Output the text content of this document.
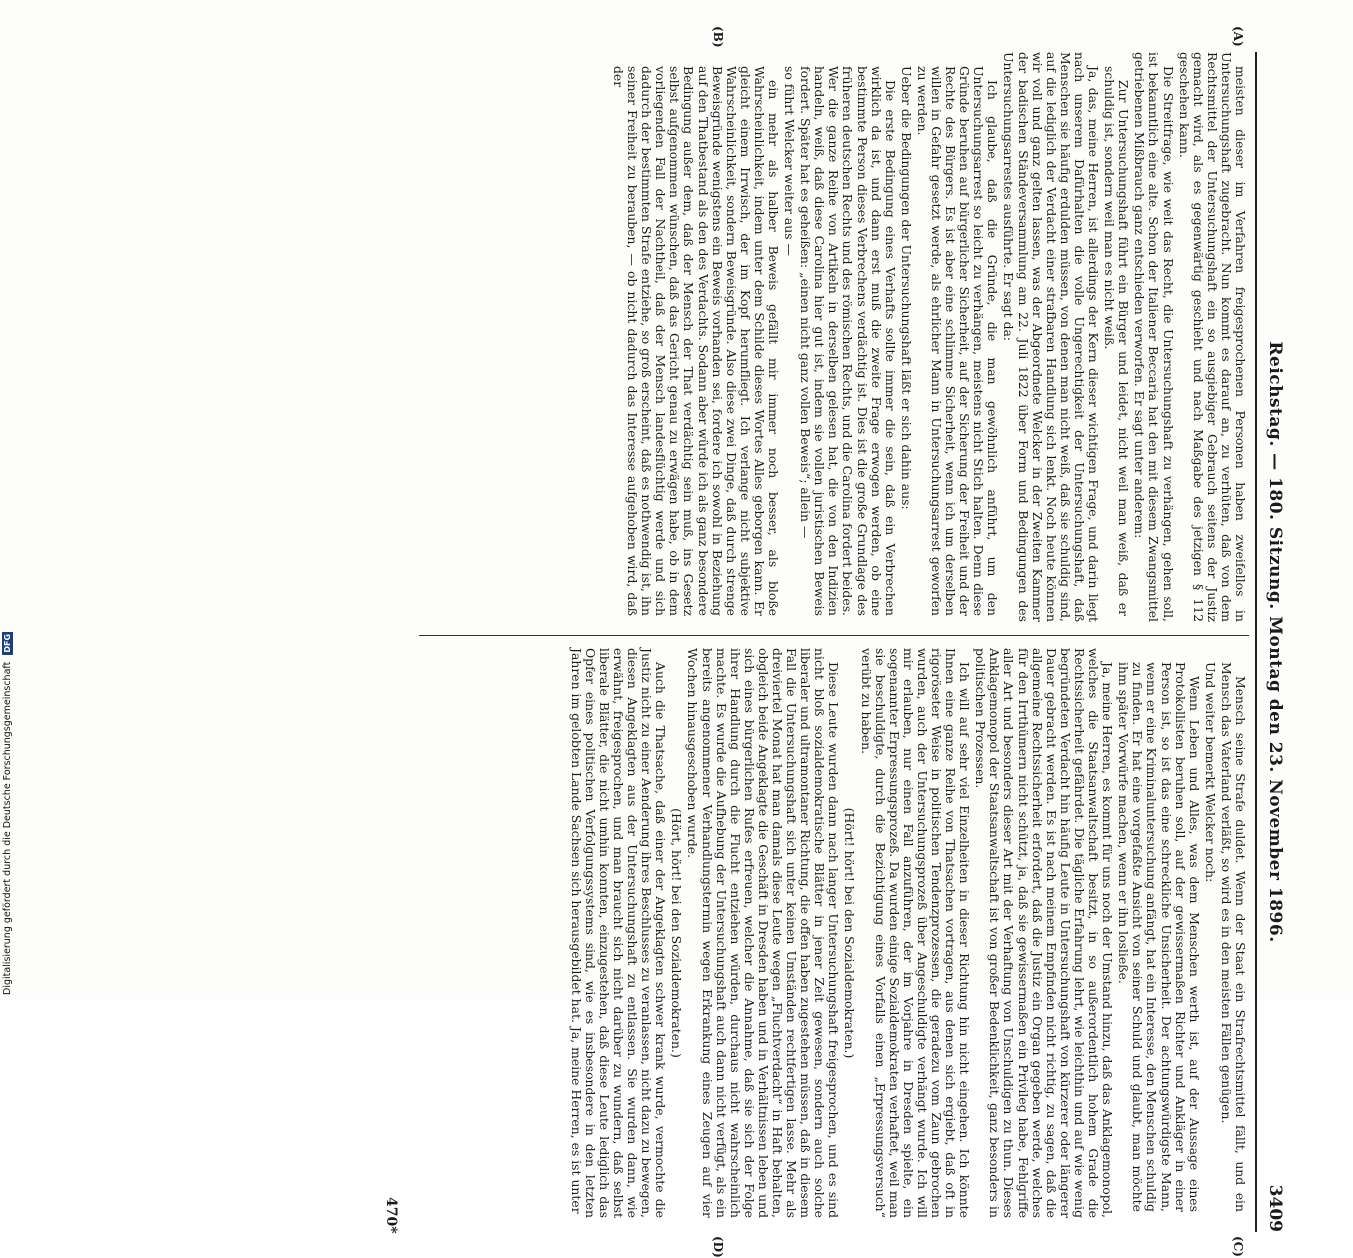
Reichstag. — 180. Sitzung. Montag den 23. November 1896.
3409
(A)
(B)
(C)
(D)

meisten dieser im Verfahren freigesprochenen Personen haben zweifellos in Untersuchungshaft zugebracht. Nun kommt es darauf an, zu verhüten, daß von dem Rechtsmittel der Untersuchungshaft ein so ausgiebiger Gebrauch seitens der Justiz gemacht wird, als es gegenwärtig geschieht und nach Maßgabe des jetzigen § 112 geschehen kann.

Die Streitfrage, wie weit das Recht, die Untersuchungshaft zu verhängen, gehen soll, ist bekanntlich eine alte. Schon der Italiener Beccaria hat den mit diesem Zwangsmittel getriebenen Mißbrauch ganz entschieden verworfen. Er sagt unter anderem:

Zur Untersuchungshaft führt ein Bürger und leidet, nicht weil man weiß, daß er schuldig ist, sondern weil man es nicht weiß.

Ja, das, meine Herren, ist allerdings der Kern dieser wichtigen Frage, und darin liegt nach unserem Dafürhalten die volle Ungerechtigkeit der Untersuchungshaft, daß Menschen sie häufig erdulden müssen, von denen man nicht weiß, daß sie schuldig sind, auf die lediglich der Verdacht einer strafbaren Handlung sich lenkt. Noch heute können wir voll und ganz gelten lassen, was der Abgeordnete Welcker in der Zweiten Kammer der badischen Ständeversammlung am 22. Juli 1822 über Form und Bedingungen des Untersuchungsarrestes ausführte. Er sagt da:

Ich glaube, daß die Gründe, die man gewöhnlich anführt, um den Untersuchungsarrest so leicht zu verhängen, meistens nicht Stich halten. Denn diese Gründe beruhen auf bürgerlicher Sicherheit, auf der Sicherung der Freiheit und der Rechte des Bürgers. Es ist aber eine schlimme Sicherheit, wenn ich um derselben willen in Gefahr gesetzt werde, als ehrlicher Mann in Untersuchungsarrest geworfen zu werden.

Ueber die Bedingungen der Untersuchungshaft läßt er sich dahin aus:

Die erste Bedingung eines Verhafts sollte immer die sein, daß ein Verbrechen wirklich da ist, und dann erst muß die zweite Frage erwogen werden, ob eine bestimmte Person dieses Verbrechens verdächtig ist. Dies ist die große Grundlage des früheren deutschen Rechts und des römischen Rechts, und die Carolina fordert beides. Wer die ganze Reihe von Artikeln in derselben gelesen hat, die von den Indizien handeln, weiß, daß diese Carolina hier gut ist, indem sie vollen juristischen Beweis fordert. Später hat es geheißen: „einen nicht ganz vollen Beweis“; allein —

so führt Welcker weiter aus —

ein mehr als halber Beweis gefällt mir immer noch besser, als bloße Wahrscheinlichkeit, indem unter dem Schilde dieses Wortes Alles geborgen kann. Er gleicht einem Irrwisch, der im Kopf herumfliegt. Ich verlange nicht subjektive Wahrscheinlichkeit, sondern Beweisgründe. Also diese zwei Dinge, daß durch strenge Beweisgründe wenigstens ein Beweis vorhanden sei, fordere ich sowohl in Beziehung auf den Thatbestand als den des Verdachts. Sodann aber würde ich als ganz besondere Bedingung außer dem, daß der Mensch der That verdächtig sein muß, ins Gesetz selbst aufgenommen wünschen, daß das Gericht genau zu erwägen habe, ob in dem vorliegenden Fall der Nachtheil, daß der Mensch landesflüchtig werde und sich dadurch der bestimmten Strafe entziehe, so groß erscheint, daß es nothwendig ist, ihn seiner Freiheit zu berauben, — ob nicht dadurch das Interesse aufgehoben wird, daß der

Mensch seine Strafe duldet. Wenn der Staat ein Strafrechtsmittel fällt, und ein Mensch das Vaterland verläßt, so wird es in den meisten Fällen genügen.

Und weiter bemerkt Welcker noch:

Wenn Leben und Alles, was dem Menschen werth ist, auf der Aussage eines Protokollisten beruhen soll, auf der gewissermaßen Richter und Ankläger in einer Person ist, so ist das eine schreckliche Unsicherheit. Der achtungswürdigste Mann, wenn er eine Kriminaluntersuchung anfängt, hat ein Interesse, den Menschen schuldig zu finden. Er hat eine vorgefaßte Ansicht von seiner Schuld und glaubt, man möchte ihm später Vorwürfe machen, wenn er ihn losließe.

Ja, meine Herren, es kommt für uns noch der Umstand hinzu, daß das Anklagemonopol, welches die Staatsanwaltschaft besitzt, in so außerordentlich hohem Grade die Rechtssicherheit gefährdet. Die tägliche Erfahrung lehrt, wie leichthin und auf wie wenig begründeten Verdacht hin häufig Leute in Untersuchungshaft von kürzerer oder längerer Dauer gebracht werden. Es ist nach meinem Empfinden nicht richtig, zu sagen, daß die allgemeine Rechtssicherheit erfordert, daß die Justiz ein Organ gegeben werde, welches für den Irrthümern nicht schützt, ja, daß sie gewissermaßen ein Privileg habe, Fehlgriffe aller Art und besonders dieser Art mit der Verhaftung von Unschuldigen zu thun. Dieses Anklagemonopol der Staatsanwaltschaft ist von großer Bedenklichkeit, ganz besonders in politischen Prozessen.

Ich will auf sehr viel Einzelheiten in dieser Richtung hin nicht eingehen. Ich könnte Ihnen eine ganze Reihe von Thatsachen vortragen, aus denen sich ergiebt, daß oft in rigoröseter Weise in politischen Tendenzprozessen, die geradezu vom Zaun gebrochen wurden, auch der Untersuchungsprozeß über Angeschuldigte verhängt wurde. Ich will mir erlauben, nur einen Fall anzuführen, der im Vorjahre in Dresden spielte, ein sogenannter Erpressungsprozeß. Da wurden einige Sozialdemokraten verhaftet, weil man sie beschuldigte, durch die Bezichtigung eines Vorfalls einen „Erpressungsversuch“ verübt zu haben.

(Hört! hört! bei den Sozialdemokraten.)

Diese Leute wurden dann nach langer Untersuchungshaft freigesprochen, und es sind nicht bloß sozialdemokratische Blätter in jener Zeit gewesen, sondern auch solche liberaler und ultramontaner Richtung, die offen haben zugestehen müssen, daß in diesem Fall die Untersuchungshaft sich unter keinen Umständen rechtfertigen lasse. Mehr als dreiviertel Monat hat man damals diese Leute wegen „Fluchtverdacht“ in Haft behalten, obgleich beide Angeklagte die Geschäft in Dresden haben und in Verhältnissen leben und sich eines bürgerlichen Rufes erfreuen, welcher die Annahme, daß sie sich der Folge ihrer Handlung durch die Flucht entziehen würden, durchaus nicht wahrscheinlich machte. Es wurde die Aufhebung der Untersuchungshaft auch dann nicht verfügt, als ein bereits angenommener Verhandlungstermin wegen Erkrankung eines Zeugen auf vier Wochen hinausgeschoben wurde.

(Hört, hört! bei den Sozialdemokraten.)

Auch die Thatsache, daß einer der Angeklagten schwer krank wurde, vermochte die Justiz nicht zu einer Aenderung ihres Beschlusses zu veranlassen, nicht dazu zu bewegen, diesen Angeklagten aus der Untersuchungshaft zu entlassen. Sie wurden dann, wie erwähnt, freigesprochen, und man braucht sich nicht darüber zu wundern, daß selbst liberale Blätter, die nicht umhin konnten, einzugestehen, daß diese Leute lediglich das Opfer eines politischen Verfolgungssystems sind, wie es insbesondere in den letzten Jahren im gelobten Lande Sachsen sich herausgebildet hat. Ja, meine Herren, es ist unter

470*
Digitalisierung gefördert durch die Deutsche Forschungsgemeinschaft DFG
